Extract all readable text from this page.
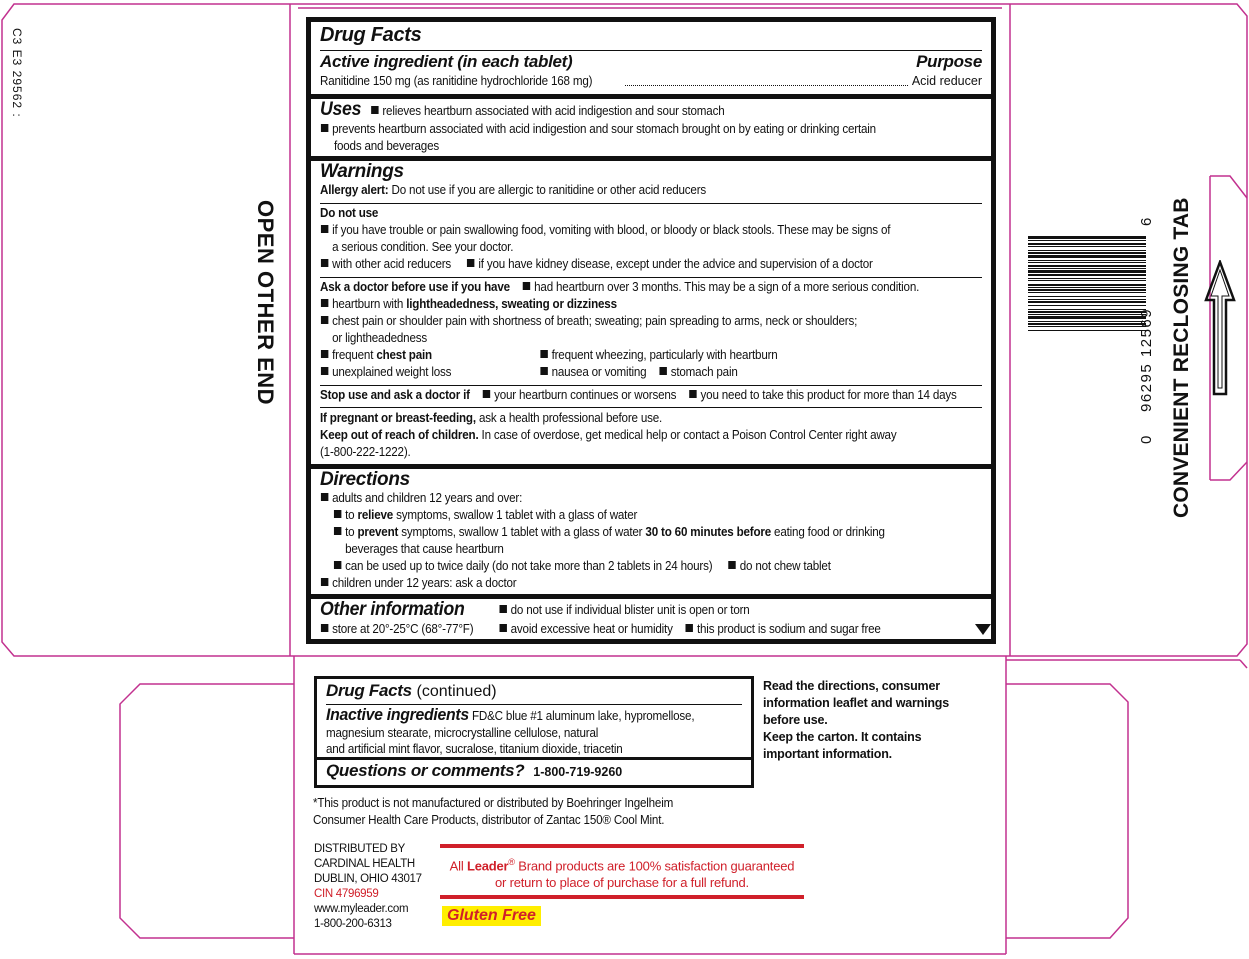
C3 E3 29562 :
OPEN OTHER END	CONVENIENT RECLOSING TAB
0
96295 12569
6
Drug Facts
Active ingredient (in each tablet)	Purpose
Ranitidine 150 mg (as ranitidine hydrochloride 168 mg)	Acid reducer
Uses relieves heartburn associated with acid indigestion and sour stomach
prevents heartburn associated with acid indigestion and sour stomach brought on by eating or drinking certain
foods and beverages
Warnings
Allergy alert: Do not use if you are allergic to ranitidine or other acid reducers
Do not use
if you have trouble or pain swallowing food, vomiting with blood, or bloody or black stools. These may be signs of
a serious condition. See your doctor.
with other acid reducers if you have kidney disease, except under the advice and supervision of a doctor
Ask a doctor before use if you have had heartburn over 3 months. This may be a sign of a more serious condition.
heartburn with lightheadedness, sweating or dizziness
chest pain or shoulder pain with shortness of breath; sweating; pain spreading to arms, neck or shoulders;
or lightheadedness
frequent chest pain	frequent wheezing, particularly with heartburn
unexplained weight loss	nausea or vomiting stomach pain
Stop use and ask a doctor if your heartburn continues or worsens you need to take this product for more than 14 days
If pregnant or breast-feeding, ask a health professional before use.
Keep out of reach of children. In case of overdose, get medical help or contact a Poison Control Center right away
(1-800-222-1222).
Directions
adults and children 12 years and over:
to relieve symptoms, swallow 1 tablet with a glass of water
to prevent symptoms, swallow 1 tablet with a glass of water 30 to 60 minutes before eating food or drinking
beverages that cause heartburn
can be used up to twice daily (do not take more than 2 tablets in 24 hours) do not chew tablet
children under 12 years: ask a doctor
Other information	do not use if individual blister unit is open or torn
store at 20°-25°C (68°-77°F)	avoid excessive heat or humidity this product is sodium and sugar free
Drug Facts (continued)
Inactive ingredients FD&C blue #1 aluminum lake, hypromellose,
magnesium stearate, microcrystalline cellulose, natural
and artificial mint flavor, sucralose, titanium dioxide, triacetin
Questions or comments? 1-800-719-9260
Read the directions, consumer
information leaflet and warnings
before use.
Keep the carton. It contains
important information.
*This product is not manufactured or distributed by Boehringer Ingelheim
Consumer Health Care Products, distributor of Zantac 150® Cool Mint.
DISTRIBUTED BY
CARDINAL HEALTH
DUBLIN, OHIO 43017
CIN 4796959
www.myleader.com
1-800-200-6313
All Leader® Brand products are 100% satisfaction guaranteed
or return to place of purchase for a full refund.
Gluten Free
